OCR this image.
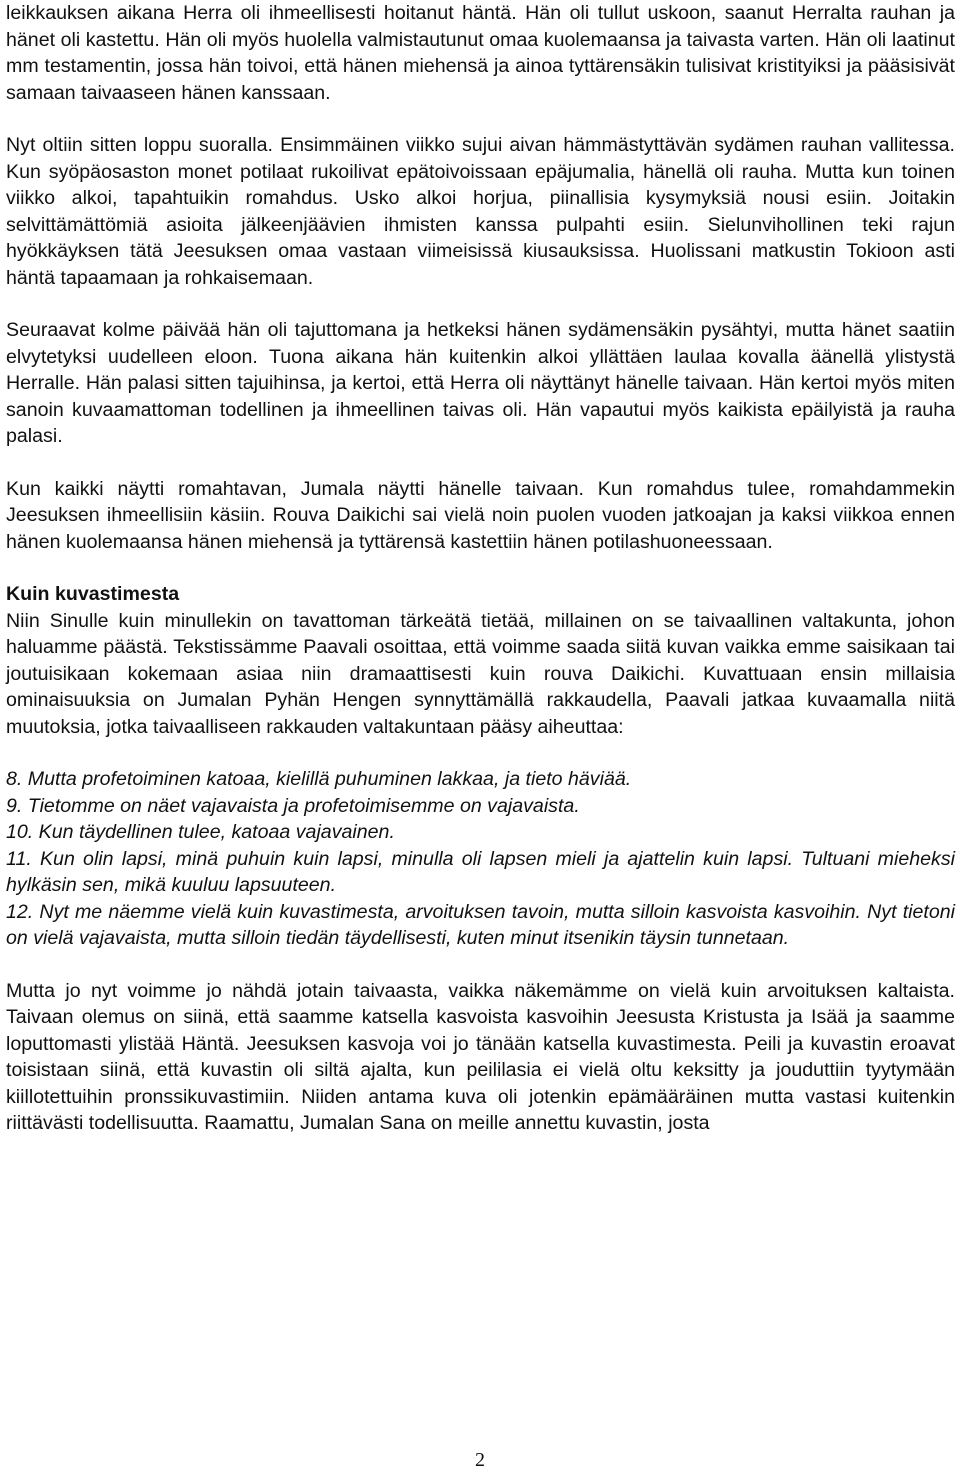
leikkauksen aikana Herra oli ihmeellisesti hoitanut häntä. Hän oli tullut uskoon, saanut Herralta rauhan ja hänet oli kastettu. Hän oli myös huolella valmistautunut omaa kuolemaansa ja taivasta varten. Hän oli laatinut mm testamentin, jossa hän toivoi, että hänen miehensä ja ainoa tyttärensäkin tulisivat kristityiksi ja pääsisivät samaan taivaaseen hänen kanssaan.

Nyt oltiin sitten loppu suoralla. Ensimmäinen viikko sujui aivan hämmästyttävän sydämen rauhan vallitessa. Kun syöpäosaston monet potilaat rukoilivat epätoivoissaan epäjumalia, hänellä oli rauha. Mutta kun toinen viikko alkoi, tapahtuikin romahdus. Usko alkoi horjua, piinallisia kysymyksiä nousi esiin. Joitakin selvittämättömiä asioita jälkeenjäävien ihmisten kanssa pulpahti esiin. Sielunvihollinen teki rajun hyökkäyksen tätä Jeesuksen omaa vastaan viimeisissä kiusauksissa. Huolissani matkustin Tokioon asti häntä tapaamaan ja rohkaisemaan.

Seuraavat kolme päivää hän oli tajuttomana ja hetkeksi hänen sydämensäkin pysähtyi, mutta hänet saatiin elvytetyksi uudelleen eloon. Tuona aikana hän kuitenkin alkoi yllättäen laulaa kovalla äänellä ylistystä Herralle. Hän palasi sitten tajuihinsa, ja kertoi, että Herra oli näyttänyt hänelle taivaan. Hän kertoi myös miten sanoin kuvaamattoman todellinen ja ihmeellinen taivas oli. Hän vapautui myös kaikista epäilyistä ja rauha palasi.

Kun kaikki näytti romahtavan, Jumala näytti hänelle taivaan. Kun romahdus tulee, romahdammekin Jeesuksen ihmeellisiin käsiin. Rouva Daikichi sai vielä noin puolen vuoden jatkoajan ja kaksi viikkoa ennen hänen kuolemaansa hänen miehensä ja tyttärensä kastettiin hänen potilashuoneessaan.

Kuin kuvastimesta

Niin Sinulle kuin minullekin on tavattoman tärkeätä tietää, millainen on se taivaallinen valtakunta, johon haluamme päästä. Tekstissämme Paavali osoittaa, että voimme saada siitä kuvan vaikka emme saisikaan tai joutuisikaan kokemaan asiaa niin dramaattisesti kuin rouva Daikichi. Kuvattuaan ensin millaisia ominaisuuksia on Jumalan Pyhän Hengen synnyttämällä rakkaudella, Paavali jatkaa kuvaamalla niitä muutoksia, jotka taivaalliseen rakkauden valtakuntaan pääsy aiheuttaa:

8. Mutta profetoiminen katoaa, kielillä puhuminen lakkaa, ja tieto häviää.
9. Tietomme on näet vajavaista ja profetoimisemme on vajavaista.
10. Kun täydellinen tulee, katoaa vajavainen.
11. Kun olin lapsi, minä puhuin kuin lapsi, minulla oli lapsen mieli ja ajattelin kuin lapsi. Tultuani mieheksi hylkäsin sen, mikä kuuluu lapsuuteen.
12. Nyt me näemme vielä kuin kuvastimesta, arvoituksen tavoin, mutta silloin kasvoista kasvoihin. Nyt tietoni on vielä vajavaista, mutta silloin tiedän täydellisesti, kuten minut itsenikin täysin tunnetaan.

Mutta jo nyt voimme jo nähdä jotain taivaasta, vaikka näkemämme on vielä kuin arvoituksen kaltaista. Taivaan olemus on siinä, että saamme katsella kasvoista kasvoihin Jeesusta Kristusta ja Isää ja saamme loputtomasti ylistää Häntä. Jeesuksen kasvoja voi jo tänään katsella kuvastimesta. Peili ja kuvastin eroavat toisistaan siinä, että kuvastin oli siltä ajalta, kun peililasia ei vielä oltu keksitty ja jouduttiin tyytymään kiillotettuihin pronssikuvastimiin. Niiden antama kuva oli jotenkin epämääräinen mutta vastasi kuitenkin riittävästi todellisuutta. Raamattu, Jumalan Sana on meille annettu kuvastin, josta

2
